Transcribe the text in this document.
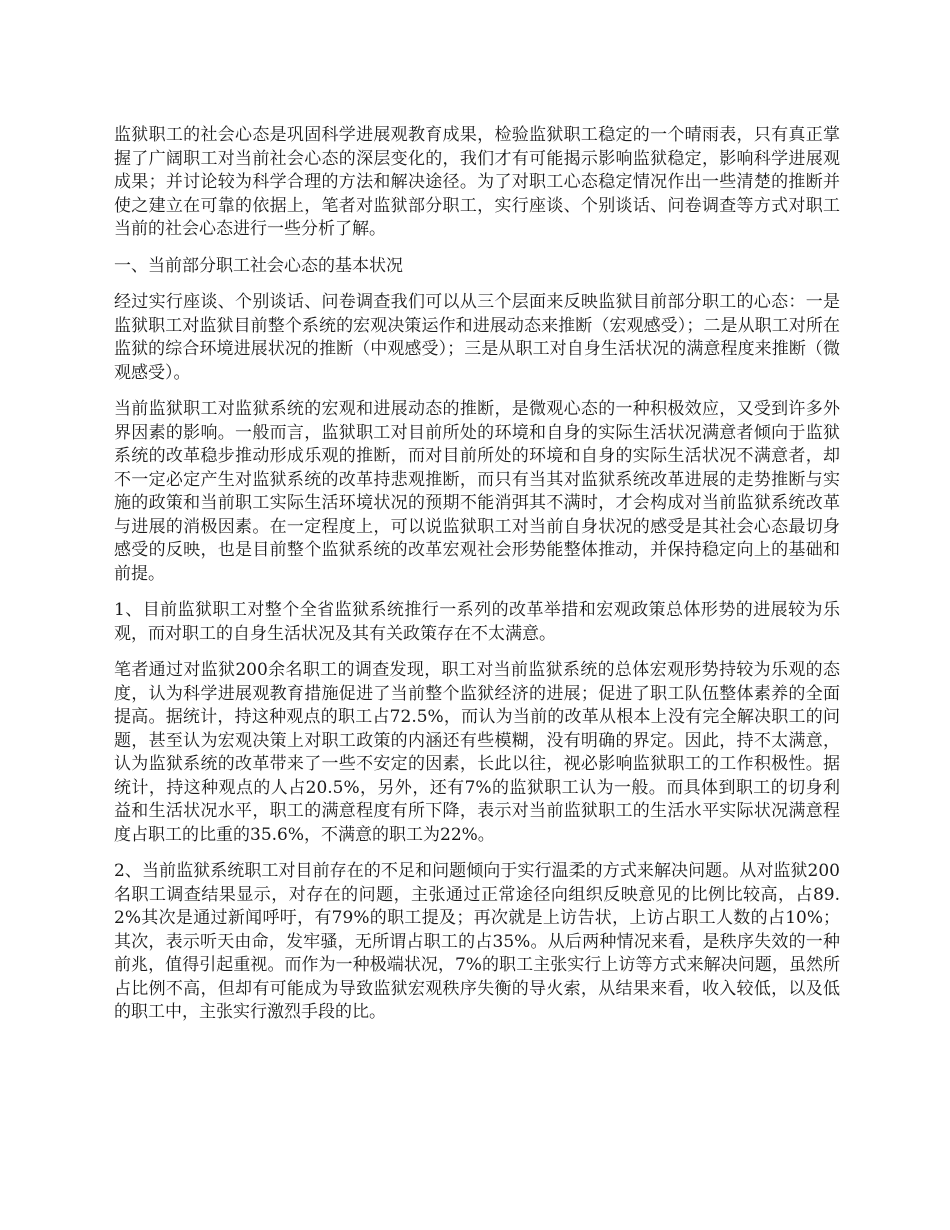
监狱职工的社会心态是巩固科学进展观教育成果，检验监狱职工稳定的一个晴雨表，只有真正掌握了广阔职工对当前社会心态的深层变化的，我们才有可能揭示影响监狱稳定，影响科学进展观成果；并讨论较为科学合理的方法和解决途径。为了对职工心态稳定情况作出一些清楚的推断并使之建立在可靠的依据上，笔者对监狱部分职工，实行座谈、个别谈话、问卷调查等方式对职工当前的社会心态进行一些分析了解。

一、当前部分职工社会心态的基本状况

经过实行座谈、个别谈话、问卷调查我们可以从三个层面来反映监狱目前部分职工的心态：一是监狱职工对监狱目前整个系统的宏观决策运作和进展动态来推断（宏观感受）；二是从职工对所在监狱的综合环境进展状况的推断（中观感受）；三是从职工对自身生活状况的满意程度来推断（微观感受）。

当前监狱职工对监狱系统的宏观和进展动态的推断，是微观心态的一种积极效应，又受到许多外界因素的影响。一般而言，监狱职工对目前所处的环境和自身的实际生活状况满意者倾向于监狱系统的改革稳步推动形成乐观的推断，而对目前所处的环境和自身的实际生活状况不满意者，却不一定必定产生对监狱系统的改革持悲观推断，而只有当其对监狱系统改革进展的走势推断与实施的政策和当前职工实际生活环境状况的预期不能消弭其不满时，才会构成对当前监狱系统改革与进展的消极因素。在一定程度上，可以说监狱职工对当前自身状况的感受是其社会心态最切身感受的反映，也是目前整个监狱系统的改革宏观社会形势能整体推动，并保持稳定向上的基础和前提。

1、目前监狱职工对整个全省监狱系统推行一系列的改革举措和宏观政策总体形势的进展较为乐观，而对职工的自身生活状况及其有关政策存在不太满意。

笔者通过对监狱200余名职工的调查发现，职工对当前监狱系统的总体宏观形势持较为乐观的态度，认为科学进展观教育措施促进了当前整个监狱经济的进展；促进了职工队伍整体素养的全面提高。据统计，持这种观点的职工占72.5%，而认为当前的改革从根本上没有完全解决职工的问题，甚至认为宏观决策上对职工政策的内涵还有些模糊，没有明确的界定。因此，持不太满意，认为监狱系统的改革带来了一些不安定的因素，长此以往，视必影响监狱职工的工作积极性。据统计，持这种观点的人占20.5%，另外，还有7%的监狱职工认为一般。而具体到职工的切身利益和生活状况水平，职工的满意程度有所下降，表示对当前监狱职工的生活水平实际状况满意程度占职工的比重的35.6%，不满意的职工为22%。

2、当前监狱系统职工对目前存在的不足和问题倾向于实行温柔的方式来解决问题。从对监狱200名职工调查结果显示，对存在的问题，主张通过正常途径向组织反映意见的比例比较高，占89.2%其次是通过新闻呼吁，有79%的职工提及；再次就是上访告状，上访占职工人数的占10%；其次，表示听天由命，发牢骚，无所谓占职工的占35%。从后两种情况来看，是秩序失效的一种前兆，值得引起重视。而作为一种极端状况，7%的职工主张实行上访等方式来解决问题，虽然所占比例不高，但却有可能成为导致监狱宏观秩序失衡的导火索，从结果来看，收入较低，以及低的职工中，主张实行激烈手段的比。
